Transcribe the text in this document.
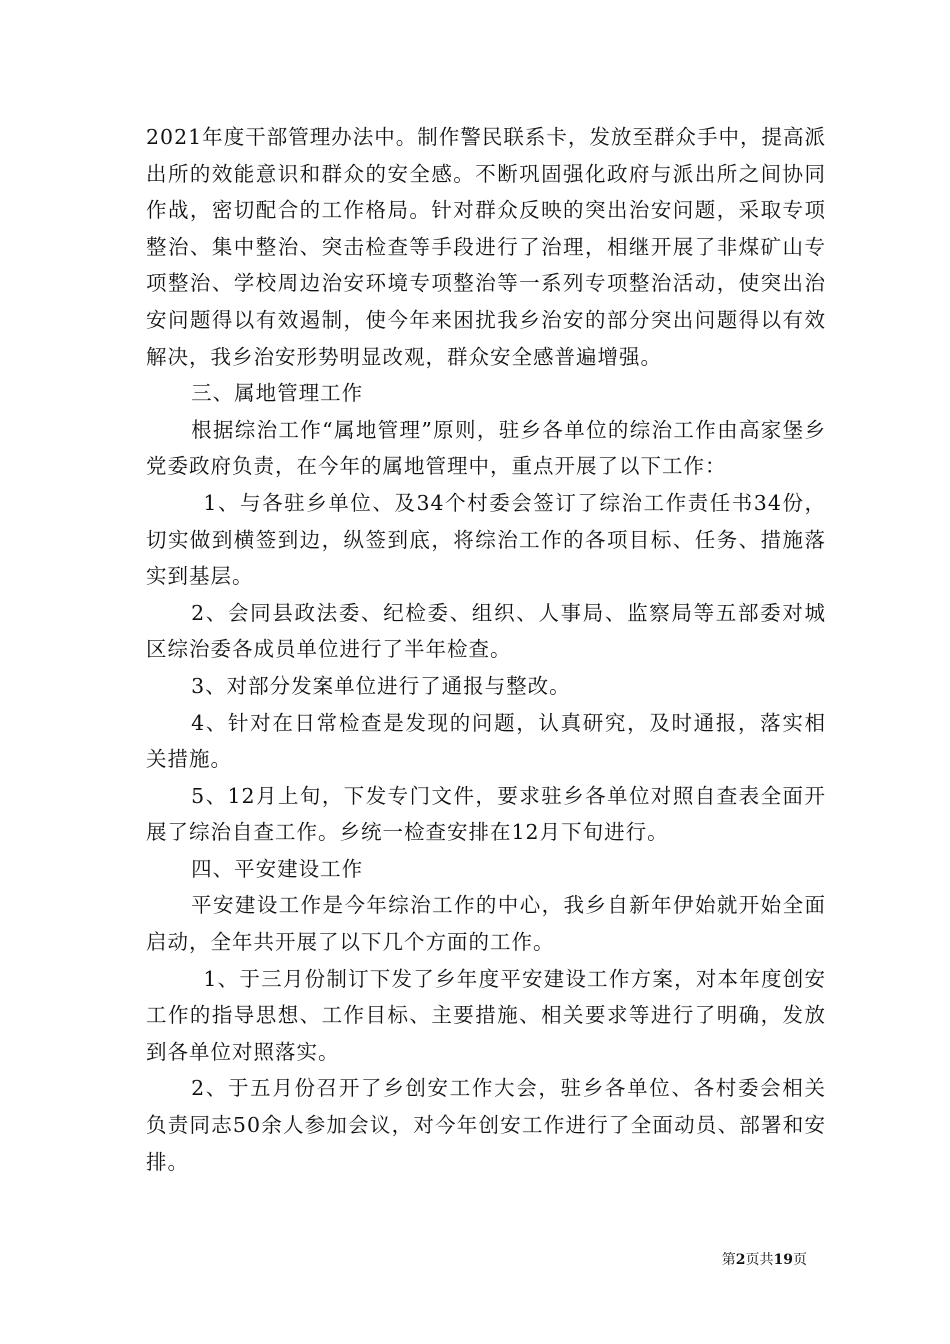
2021年度干部管理办法中。制作警民联系卡，发放至群众手中，提高派出所的效能意识和群众的安全感。不断巩固强化政府与派出所之间协同作战，密切配合的工作格局。针对群众反映的突出治安问题，采取专项整治、集中整治、突击检查等手段进行了治理，相继开展了非煤矿山专项整治、学校周边治安环境专项整治等一系列专项整治活动，使突出治安问题得以有效遏制，使今年来困扰我乡治安的部分突出问题得以有效解决，我乡治安形势明显改观，群众安全感普遍增强。

三、属地管理工作

根据综治工作“属地管理”原则，驻乡各单位的综治工作由高家堡乡党委政府负责，在今年的属地管理中，重点开展了以下工作：

1、与各驻乡单位、及34个村委会签订了综治工作责任书34份，切实做到横签到边，纵签到底，将综治工作的各项目标、任务、措施落实到基层。

2、会同县政法委、纪检委、组织、人事局、监察局等五部委对城区综治委各成员单位进行了半年检查。

3、对部分发案单位进行了通报与整改。

4、针对在日常检查是发现的问题，认真研究，及时通报，落实相关措施。

5、12月上旬，下发专门文件，要求驻乡各单位对照自查表全面开展了综治自查工作。乡统一检查安排在12月下旬进行。

四、平安建设工作

平安建设工作是今年综治工作的中心，我乡自新年伊始就开始全面启动，全年共开展了以下几个方面的工作。

1、于三月份制订下发了乡年度平安建设工作方案，对本年度创安工作的指导思想、工作目标、主要措施、相关要求等进行了明确，发放到各单位对照落实。

2、于五月份召开了乡创安工作大会，驻乡各单位、各村委会相关负责同志50余人参加会议，对今年创安工作进行了全面动员、部署和安排。

第2页共19页
